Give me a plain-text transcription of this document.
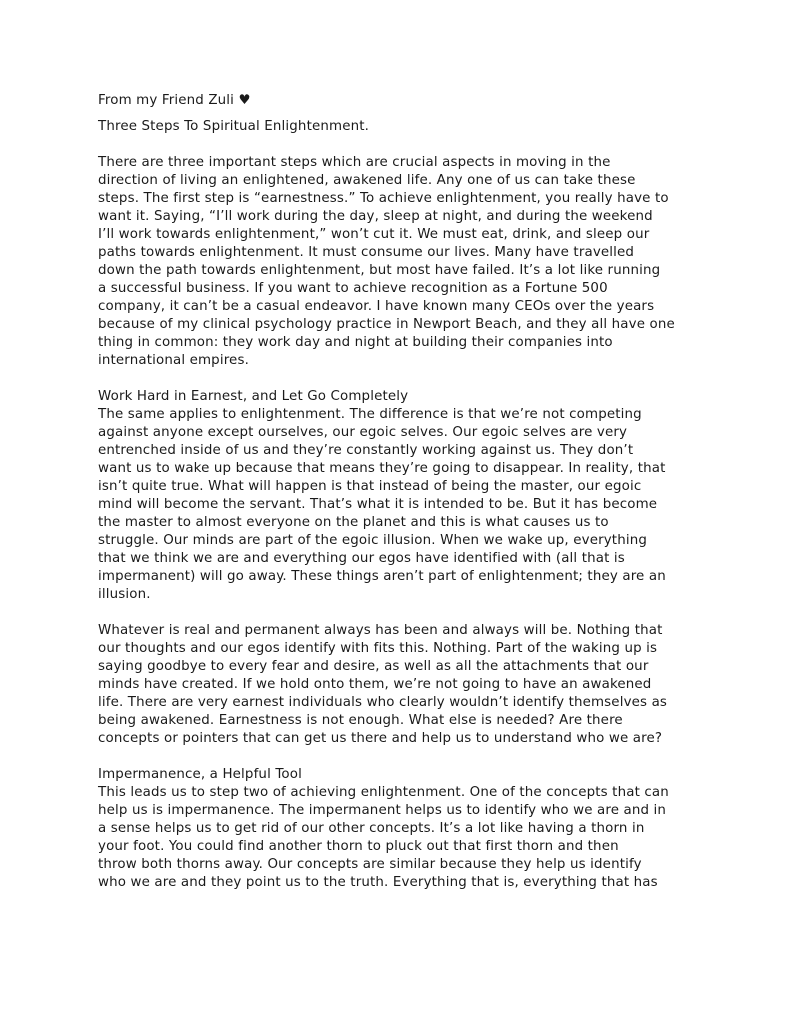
From my Friend Zuli ♥
Three Steps To Spiritual Enlightenment.
There are three important steps which are crucial aspects in moving in the
direction of living an enlightened, awakened life. Any one of us can take these
steps. The first step is “earnestness.” To achieve enlightenment, you really have to
want it. Saying, “I’ll work during the day, sleep at night, and during the weekend
I’ll work towards enlightenment,” won’t cut it. We must eat, drink, and sleep our
paths towards enlightenment. It must consume our lives. Many have travelled
down the path towards enlightenment, but most have failed. It’s a lot like running
a successful business. If you want to achieve recognition as a Fortune 500
company, it can’t be a casual endeavor. I have known many CEOs over the years
because of my clinical psychology practice in Newport Beach, and they all have one
thing in common: they work day and night at building their companies into
international empires.
Work Hard in Earnest, and Let Go Completely
The same applies to enlightenment. The difference is that we’re not competing
against anyone except ourselves, our egoic selves. Our egoic selves are very
entrenched inside of us and they’re constantly working against us. They don’t
want us to wake up because that means they’re going to disappear. In reality, that
isn’t quite true. What will happen is that instead of being the master, our egoic
mind will become the servant. That’s what it is intended to be. But it has become
the master to almost everyone on the planet and this is what causes us to
struggle. Our minds are part of the egoic illusion. When we wake up, everything
that we think we are and everything our egos have identified with (all that is
impermanent) will go away. These things aren’t part of enlightenment; they are an
illusion.
Whatever is real and permanent always has been and always will be. Nothing that
our thoughts and our egos identify with fits this. Nothing. Part of the waking up is
saying goodbye to every fear and desire, as well as all the attachments that our
minds have created. If we hold onto them, we’re not going to have an awakened
life. There are very earnest individuals who clearly wouldn’t identify themselves as
being awakened. Earnestness is not enough. What else is needed? Are there
concepts or pointers that can get us there and help us to understand who we are?
Impermanence, a Helpful Tool
This leads us to step two of achieving enlightenment. One of the concepts that can
help us is impermanence. The impermanent helps us to identify who we are and in
a sense helps us to get rid of our other concepts. It’s a lot like having a thorn in
your foot. You could find another thorn to pluck out that first thorn and then
throw both thorns away. Our concepts are similar because they help us identify
who we are and they point us to the truth. Everything that is, everything that has
